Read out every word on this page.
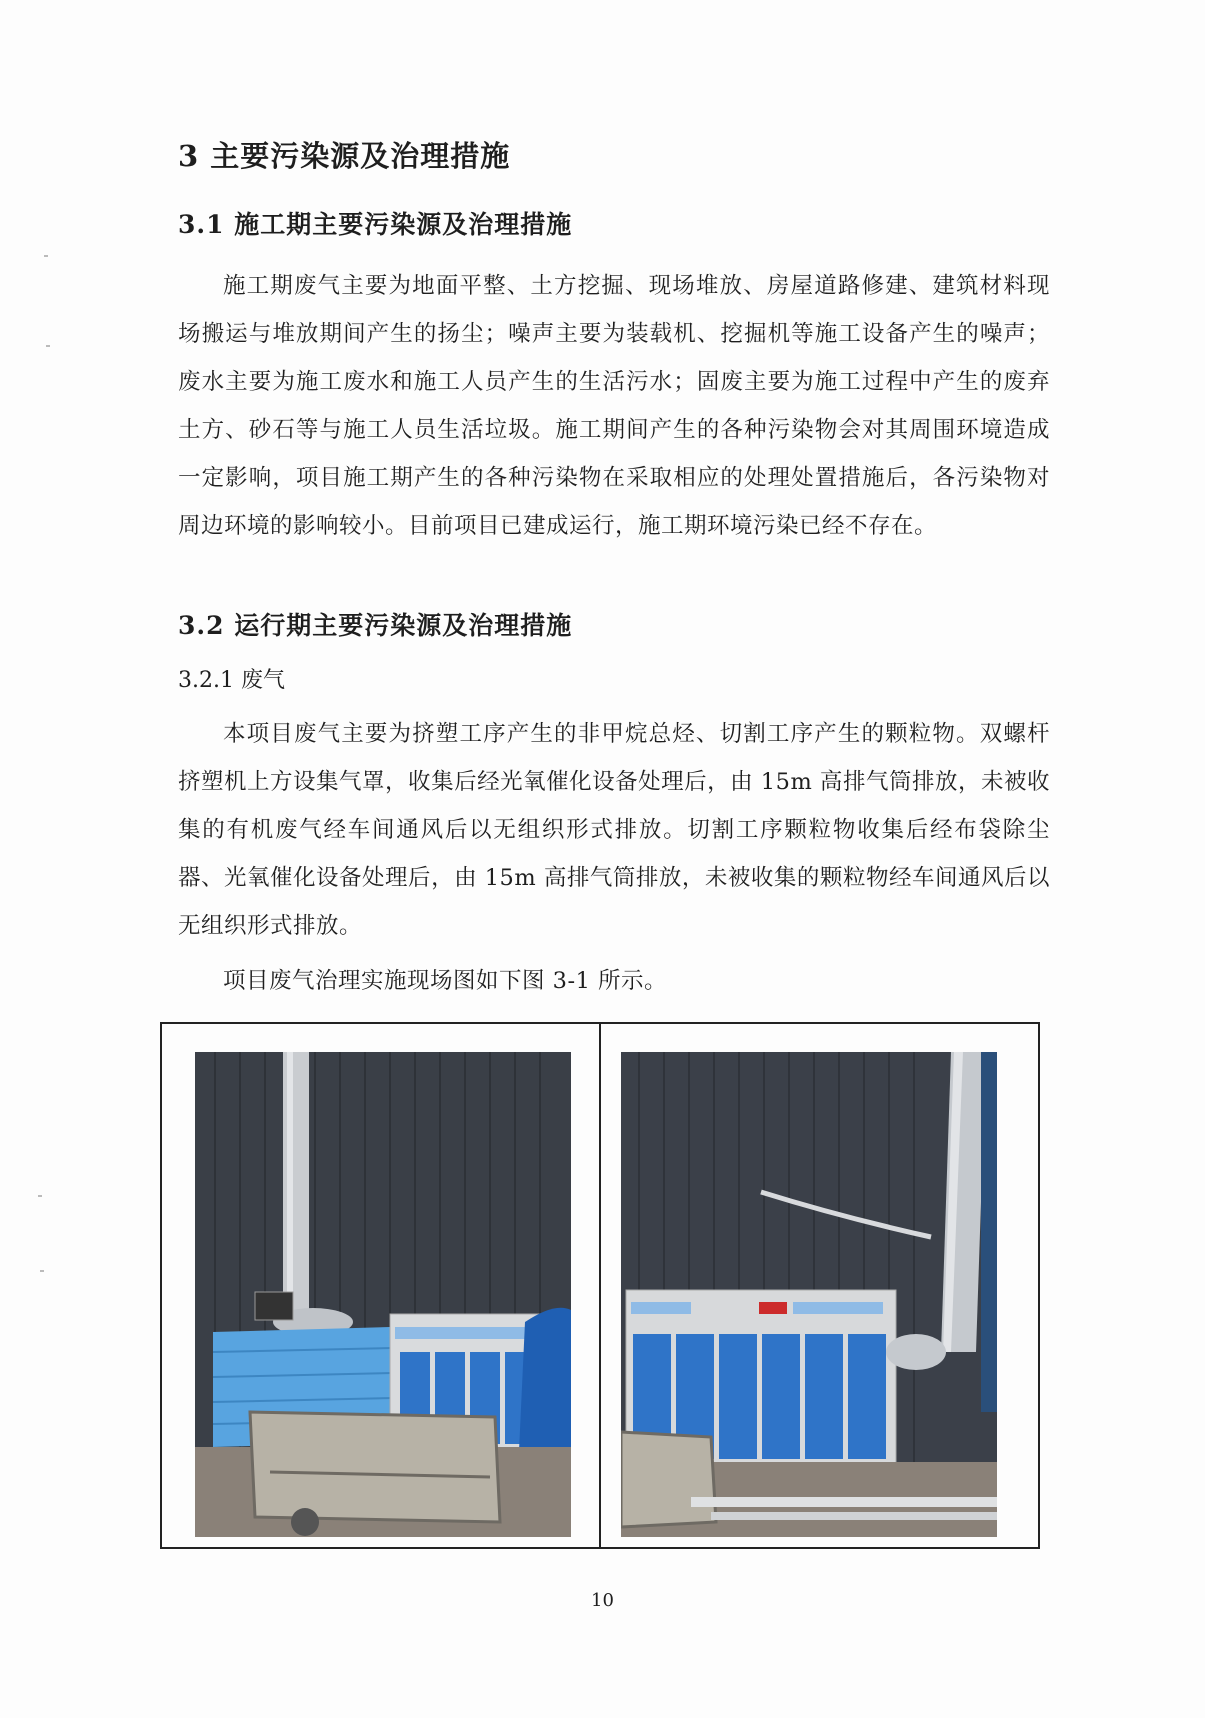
3 主要污染源及治理措施
3.1 施工期主要污染源及治理措施

施工期废气主要为地面平整、土方挖掘、现场堆放、房屋道路修建、建筑材料现场搬运与堆放期间产生的扬尘；噪声主要为装载机、挖掘机等施工设备产生的噪声；废水主要为施工废水和施工人员产生的生活污水；固废主要为施工过程中产生的废弃土方、砂石等与施工人员生活垃圾。施工期间产生的各种污染物会对其周围环境造成一定影响，项目施工期产生的各种污染物在采取相应的处理处置措施后，各污染物对周边环境的影响较小。目前项目已建成运行，施工期环境污染已经不存在。

3.2 运行期主要污染源及治理措施
3.2.1 废气

本项目废气主要为挤塑工序产生的非甲烷总烃、切割工序产生的颗粒物。双螺杆挤塑机上方设集气罩，收集后经光氧催化设备处理后，由 15m 高排气筒排放，未被收集的有机废气经车间通风后以无组织形式排放。切割工序颗粒物收集后经布袋除尘器、光氧催化设备处理后，由 15m 高排气筒排放，未被收集的颗粒物经车间通风后以无组织形式排放。

项目废气治理实施现场图如下图 3-1 所示。

10
